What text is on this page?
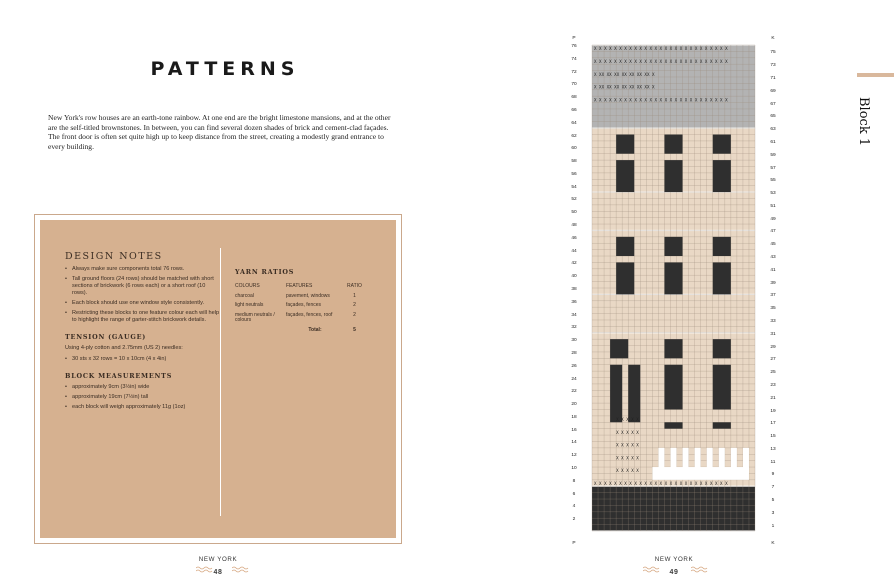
PATTERNS
New York's row houses are an earth-tone rainbow. At one end are the bright limestone mansions, and at the other are the self-titled brownstones. In between, you can find several dozen shades of brick and cement-clad façades. The front door is often set quite high up to keep distance from the street, creating a modestly grand entrance to every building.
DESIGN NOTES
• Always make sure components total 76 rows.
• Tall ground floors (24 rows) should be matched with short sections of brickwork (6 rows each) or a short roof (10 rows).
• Each block should use one window style consistently.
• Restricting these blocks to one feature colour each will help to highlight the range of garter-stitch brickwork details.
TENSION (GAUGE)
Using 4-ply cotton and 2.75mm (US 2) needles:
• 30 sts x 32 rows = 10 x 10cm (4 x 4in)
BLOCK MEASUREMENTS
• approximately 9cm (3½in) wide
• approximately 19cm (7½in) tall
• each block will weigh approximately 11g (1oz)
YARN RATIOS
COLOURS	FEATURES	RATIO
charcoal	pavement, windows	1
light neutrals	façades, fences	2
medium neutrals / colours	façades, fences, roof	2
	Total:	5
NEW YORK
48
X X X X X X X X X X X X X X X X X X X X X X X X X X X
X X X X X X X X X X X X X X X X X X X X X X X X X X X
X X X X X X X X X X X X X X X X X X X X X X X X X X X
X XX XX XX XX XX XX XX X
X XX XX XX XX XX XX XX X
X X X X X X X X X X X X X X X X X X X X X X X X X X X
X X X X X
X X X X X
X X X X X
X X X X X
X X X X X
P	K
P	K
76
74
72
70
68
66
64
62
60
58
56
54
52
50
48
46
44
42
40
38
36
34
32
30
28
26
24
22
20
18
16
14
12
10
8
6
4
2
75
73
71
69
67
65
63
61
59
57
55
53
51
49
47
45
43
41
39
37
35
33
31
29
27
25
23
21
19
17
15
13
11
9
7
5
3
1
Block 1
NEW YORK
49
